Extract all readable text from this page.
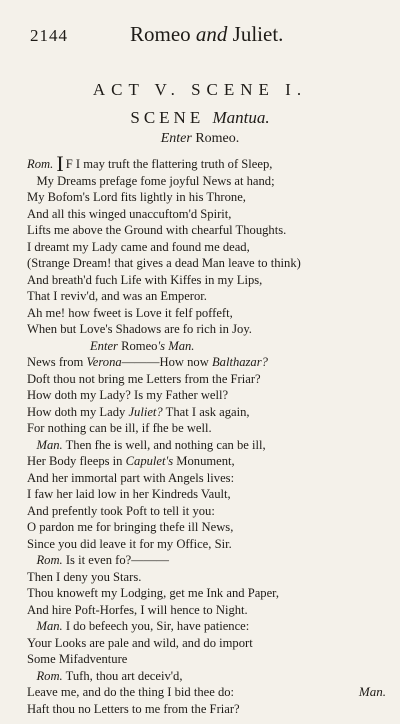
2144	Romeo and Juliet.
ACT V. SCENE I.
SCENE Mantua.
Enter Romeo.
Rom. I F I may truft the flattering truth of Sleep,
My Dreams prefage fome joyful News at hand;
My Bofom's Lord fits lightly in his Throne,
And all this winged unaccuftom'd Spirit,
Lifts me above the Ground with chearful Thoughts.
I dreamt my Lady came and found me dead,
(Strange Dream! that gives a dead Man leave to think)
And breath'd fuch Life with Kiffes in my Lips,
That I reviv'd, and was an Emperor.
Ah me! how fweet is Love it felf poffeft,
When but Love's Shadows are fo rich in Joy.
Enter Romeo's Man.
News from Verona———How now Balthazar?
Doft thou not bring me Letters from the Friar?
How doth my Lady? Is my Father well?
How doth my Lady Juliet? That I ask again,
For nothing can be ill, if fhe be well.
Man. Then fhe is well, and nothing can be ill,
Her Body fleeps in Capulet's Monument,
And her immortal part with Angels lives:
I faw her laid low in her Kindreds Vault,
And prefently took Poft to tell it you:
O pardon me for bringing thefe ill News,
Since you did leave it for my Office, Sir.
Rom. Is it even fo?———
Then I deny you Stars.
Thou knoweft my Lodging, get me Ink and Paper,
And hire Poft-Horfes, I will hence to Night.
Man. I do befeech you, Sir, have patience:
Your Looks are pale and wild, and do import
Some Mifadventure
Rom. Tufh, thou art deceiv'd,
Leave me, and do the thing I bid thee do:
Haft thou no Letters to me from the Friar?
Man.
